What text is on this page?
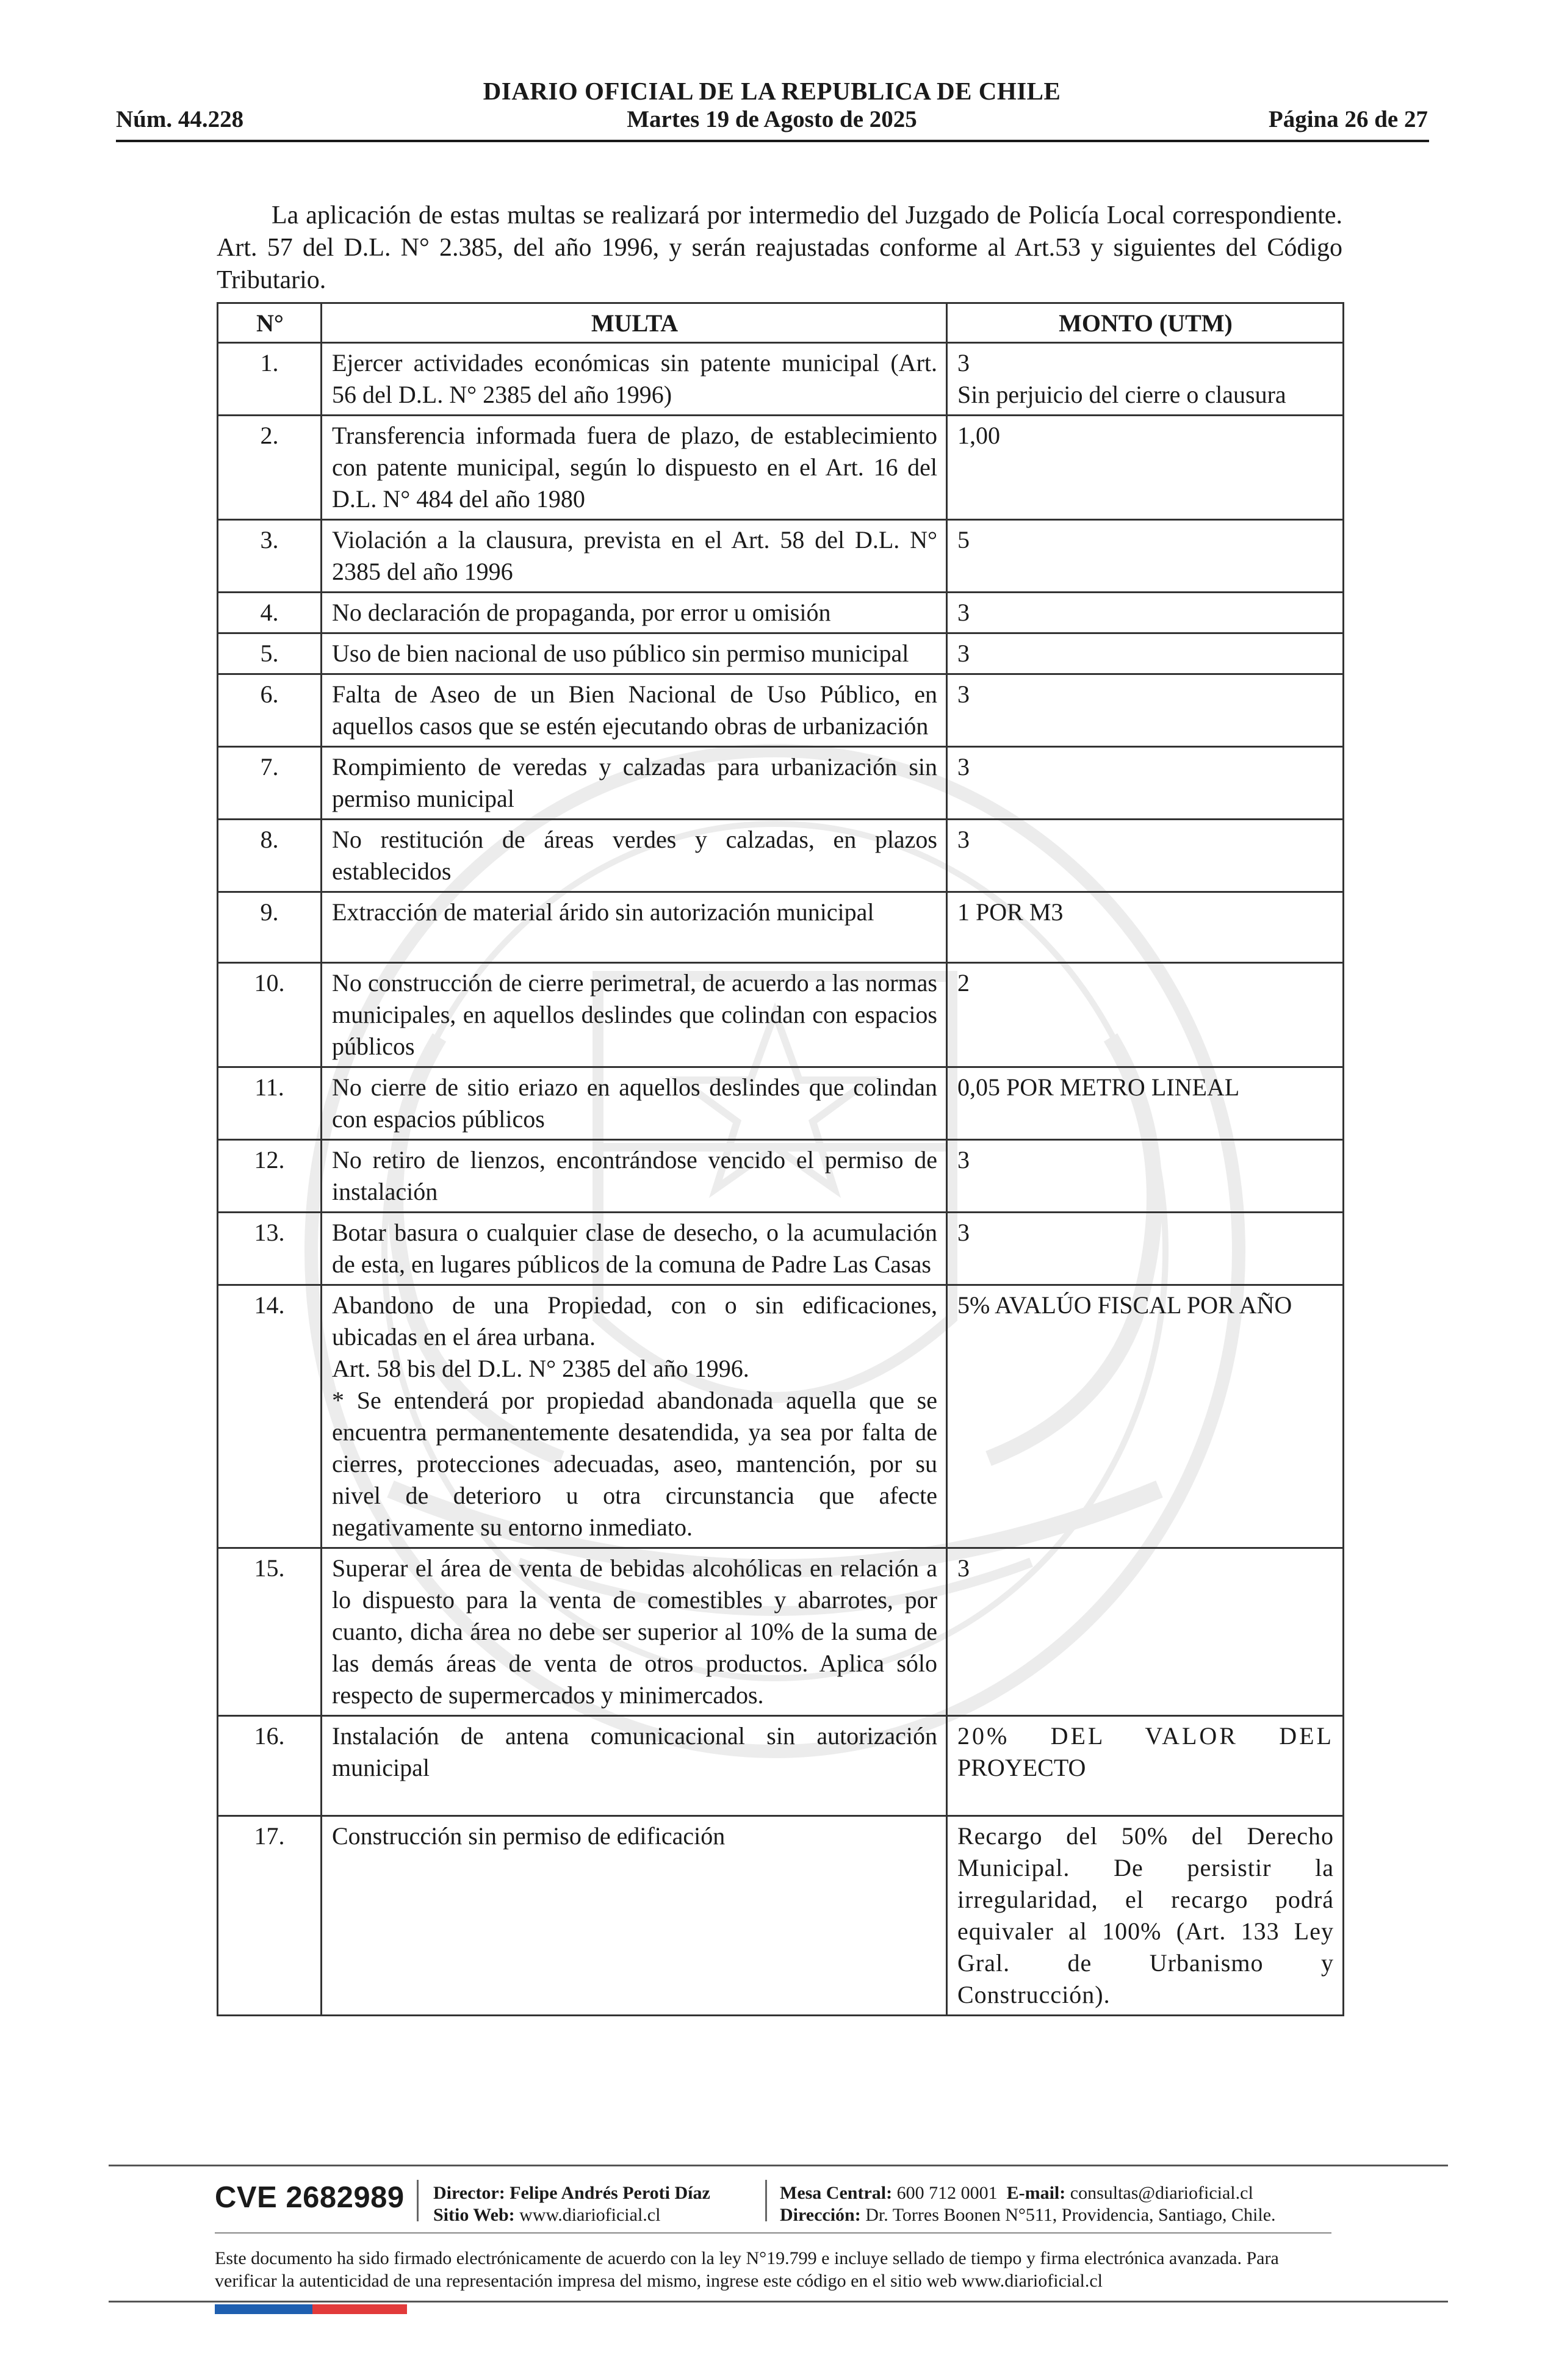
DIARIO OFICIAL DE LA REPUBLICA DE CHILE
Núm. 44.228	Martes 19 de Agosto de 2025	Página 26 de 27

La aplicación de estas multas se realizará por intermedio del Juzgado de Policía Local correspondiente. Art. 57 del D.L. N° 2.385, del año 1996, y serán reajustadas conforme al Art.53 y siguientes del Código Tributario.

N°	MULTA	MONTO (UTM)
1.	Ejercer actividades económicas sin patente municipal (Art. 56 del D.L. N° 2385 del año 1996)	3
Sin perjuicio del cierre o clausura

2.	Transferencia informada fuera de plazo, de establecimiento con patente municipal, según lo dispuesto en el Art. 16 del D.L. N° 484 del año 1980	1,00
3.	Violación a la clausura, prevista en el Art. 58 del D.L. N° 2385 del año 1996	5
4.	No declaración de propaganda, por error u omisión	3
5.	Uso de bien nacional de uso público sin permiso municipal	3
6.	Falta de Aseo de un Bien Nacional de Uso Público, en aquellos casos que se estén ejecutando obras de urbanización	3
7.	Rompimiento de veredas y calzadas para urbanización sin permiso municipal	3
8.	No restitución de áreas verdes y calzadas, en plazos establecidos	3
9.	Extracción de material árido sin autorización municipal	1 POR M3
10.	No construcción de cierre perimetral, de acuerdo a las normas municipales, en aquellos deslindes que colindan con espacios públicos	2
11.	No cierre de sitio eriazo en aquellos deslindes que colindan con espacios públicos	0,05 POR METRO LINEAL
12.	No retiro de lienzos, encontrándose vencido el permiso de instalación	3
13.	Botar basura o cualquier clase de desecho, o la acumulación de esta, en lugares públicos de la comuna de Padre Las Casas	3
14.	Abandono de una Propiedad, con o sin edificaciones, ubicadas en el área urbana.
Art. 58 bis del D.L. N° 2385 del año 1996.
* Se entenderá por propiedad abandonada aquella que se encuentra permanentemente desatendida, ya sea por falta de cierres, protecciones adecuadas, aseo, mantención, por su nivel de deterioro u otra circunstancia que afecte negativamente su entorno inmediato.	5% AVALÚO FISCAL POR AÑO
15.	Superar el área de venta de bebidas alcohólicas en relación a lo dispuesto para la venta de comestibles y abarrotes, por cuanto, dicha área no debe ser superior al 10% de la suma de las demás áreas de venta de otros productos. Aplica sólo respecto de supermercados y minimercados.	3
16.	Instalación de antena comunicacional sin autorización municipal	20% DEL VALOR DEL
PROYECTO

17.	Construcción sin permiso de edificación	Recargo del 50% del Derecho Municipal. De persistir la irregularidad, el recargo podrá equivaler al 100% (Art. 133 Ley Gral. de Urbanismo y Construcción).
CVE 2682989 Director: Felipe Andrés Peroti Díaz
Sitio Web: www.diarioficial.cl
Mesa Central: 600 712 0001 E-mail: consultas@diarioficial.cl
Dirección: Dr. Torres Boonen N°511, Providencia, Santiago, Chile.
Este documento ha sido firmado electrónicamente de acuerdo con la ley N°19.799 e incluye sellado de tiempo y firma electrónica avanzada. Para verificar la autenticidad de una representación impresa del mismo, ingrese este código en el sitio web www.diarioficial.cl
